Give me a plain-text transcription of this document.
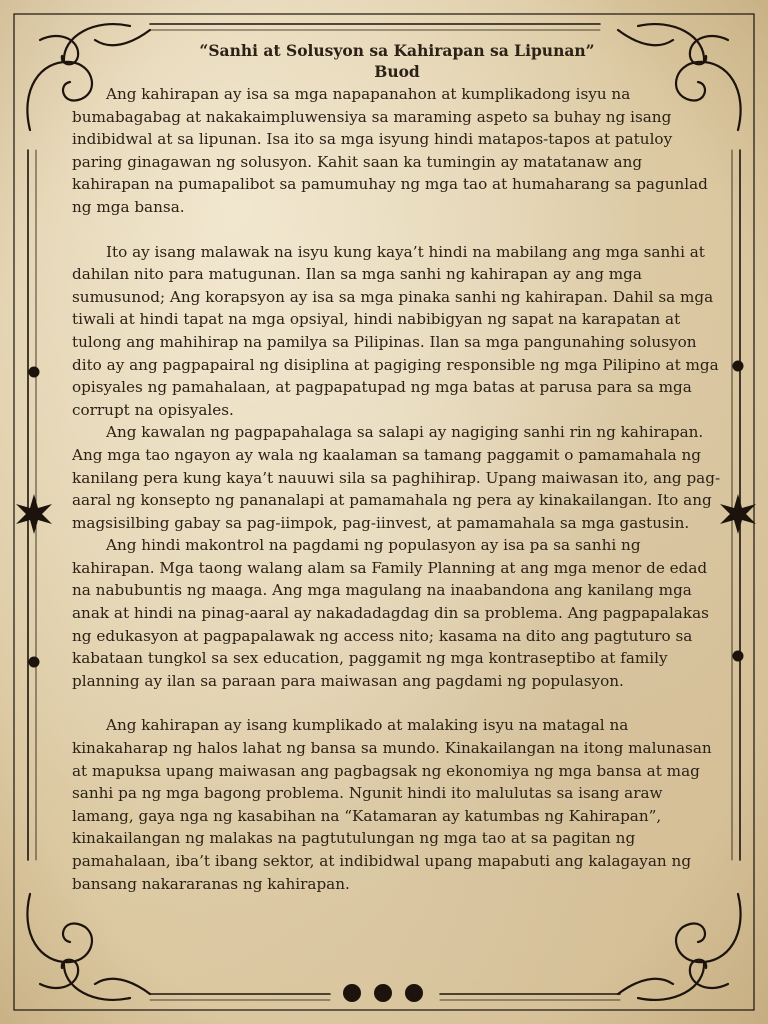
“Sanhi at Solusyon sa Kahirapan sa Lipunan”

Buod

Ang kahirapan ay isa sa mga napapanahon at kumplikadong isyu na bumabagabag at nakakaimpluwensiya sa maraming aspeto sa buhay ng isang indibidwal at sa lipunan. Isa ito sa mga isyung hindi matapos-tapos at patuloy paring ginagawan ng solusyon. Kahit saan ka tumingin ay matatanaw ang kahirapan na pumapalibot sa pamumuhay ng mga tao at humaharang sa pagunlad ng mga bansa.

Ito ay isang malawak na isyu kung kaya’t hindi na mabilang ang mga sanhi at dahilan nito para matugunan. Ilan sa mga sanhi ng kahirapan ay ang mga sumusunod; Ang korapsyon ay isa sa mga pinaka sanhi ng kahirapan. Dahil sa mga tiwali at hindi tapat na mga opsiyal, hindi nabibigyan ng sapat na karapatan at tulong ang mahihirap na pamilya sa Pilipinas. Ilan sa mga pangunahing solusyon dito ay ang pagpapairal ng disiplina at pagiging responsible ng mga Pilipino at mga opisyales ng pamahalaan, at pagpapatupad ng mga batas at parusa para sa mga corrupt na opisyales.

Ang kawalan ng pagpapahalaga sa salapi ay nagiging sanhi rin ng kahirapan. Ang mga tao ngayon ay wala ng kaalaman sa tamang paggamit o pamamahala ng kanilang pera kung kaya’t nauuwi sila sa paghihirap. Upang maiwasan ito, ang pag-aaral ng konsepto ng pananalapi at pamamahala ng pera ay kinakailangan. Ito ang magsisilbing gabay sa pag-iimpok, pag-iinvest, at pamamahala sa mga gastusin.

Ang hindi makontrol na pagdami ng populasyon ay isa pa sa sanhi ng kahirapan. Mga taong walang alam sa Family Planning at ang mga menor de edad na nabubuntis ng maaga. Ang mga magulang na inaabandona ang kanilang mga anak at hindi na pinag-aaral ay nakadadagdag din sa problema. Ang pagpapalakas ng edukasyon at pagpapalawak ng access nito; kasama na dito ang pagtuturo sa kabataan tungkol sa sex education, paggamit ng mga kontraseptibo at family planning ay ilan sa paraan para maiwasan ang pagdami ng populasyon.

Ang kahirapan ay isang kumplikado at malaking isyu na matagal na kinakaharap ng halos lahat ng bansa sa mundo. Kinakailangan na itong malunasan at mapuksa upang maiwasan ang pagbagsak ng ekonomiya ng mga bansa at mag sanhi pa ng mga bagong problema. Ngunit hindi ito malulutas sa isang araw lamang, gaya nga ng kasabihan na “Katamaran ay katumbas ng Kahirapan”, kinakailangan ng malakas na pagtutulungan ng mga tao at sa pagitan ng pamahalaan, iba’t ibang sektor, at indibidwal upang mapabuti ang kalagayan ng bansang nakararanas ng kahirapan.
